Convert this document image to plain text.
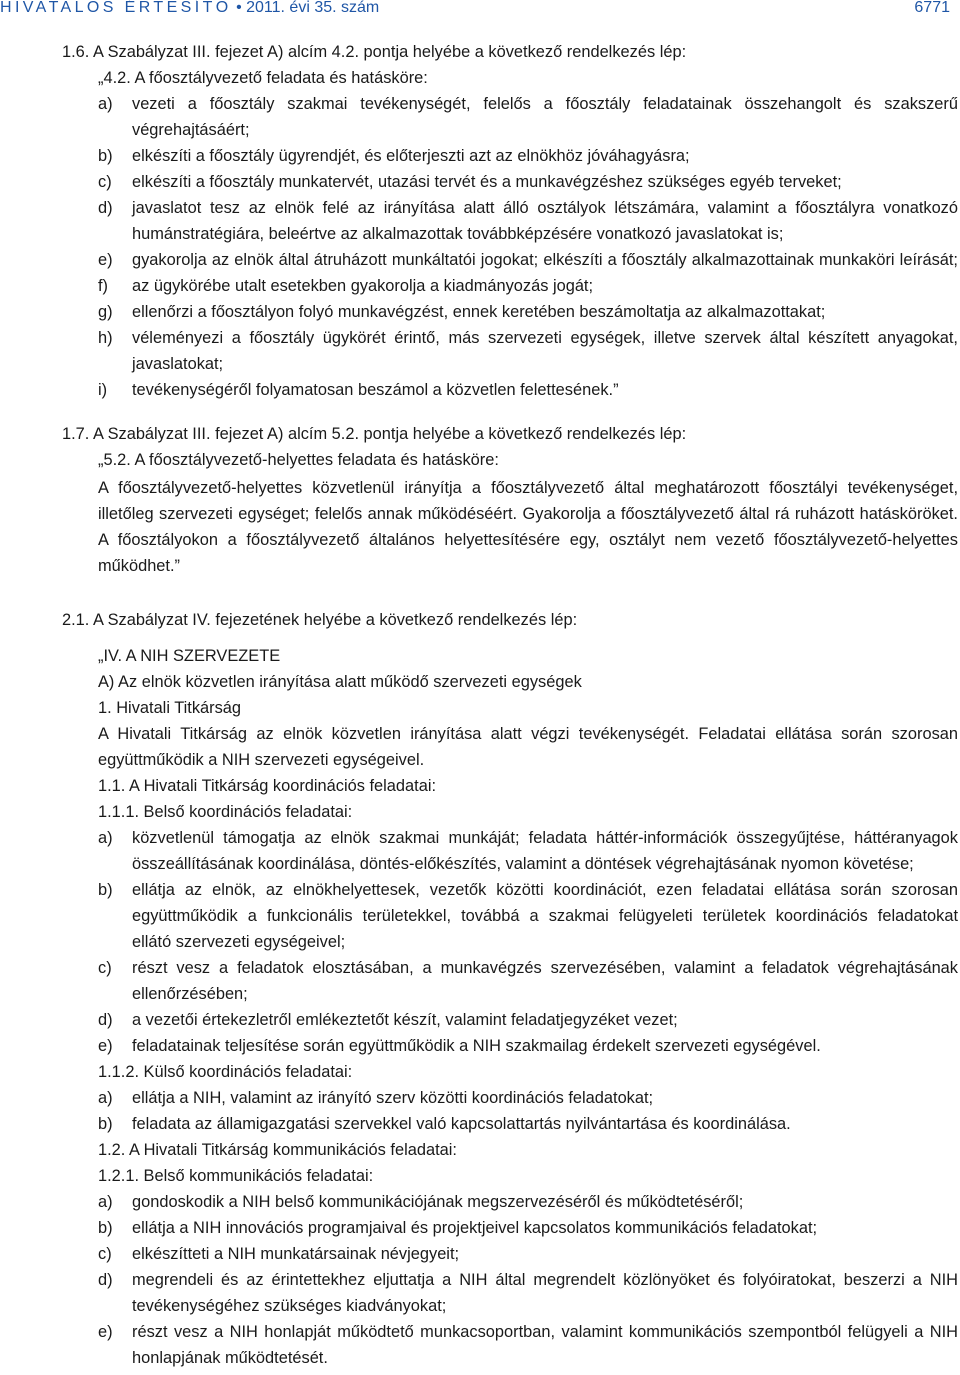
HIVATALOS ÉRTESÍTŐ • 2011. évi 35. szám	6771
1.6. A Szabályzat III. fejezet A) alcím 4.2. pontja helyébe a következő rendelkezés lép:
„4.2. A főosztályvezető feladata és hatásköre:
a) vezeti a főosztály szakmai tevékenységét, felelős a főosztály feladatainak összehangolt és szakszerű
végrehajtásáért;
b) elkészíti a főosztály ügyrendjét, és előterjeszti azt az elnökhöz jóváhagyásra;
c) elkészíti a főosztály munkatervét, utazási tervét és a munkavégzéshez szükséges egyéb terveket;
d) javaslatot tesz az elnök felé az irányítása alatt álló osztályok létszámára, valamint a főosztályra vonatkozó
humánstratégiára, beleértve az alkalmazottak továbbképzésére vonatkozó javaslatokat is;
e) gyakorolja az elnök által átruházott munkáltatói jogokat; elkészíti a főosztály alkalmazottainak munkaköri leírását;
f) az ügykörébe utalt esetekben gyakorolja a kiadmányozás jogát;
g) ellenőrzi a főosztályon folyó munkavégzést, ennek keretében beszámoltatja az alkalmazottakat;
h) véleményezi a főosztály ügykörét érintő, más szervezeti egységek, illetve szervek által készített anyagokat,
javaslatokat;
i) tevékenységéről folyamatosan beszámol a közvetlen felettesének.”
1.7. A Szabályzat III. fejezet A) alcím 5.2. pontja helyébe a következő rendelkezés lép:
„5.2. A főosztályvezető-helyettes feladata és hatásköre:
A főosztályvezető-helyettes közvetlenül irányítja a főosztályvezető által meghatározott főosztályi tevékenységet,
illetőleg szervezeti egységet; felelős annak működéséért. Gyakorolja a főosztályvezető által rá ruházott hatásköröket.
A főosztályokon a főosztályvezető általános helyettesítésére egy, osztályt nem vezető főosztályvezető-helyettes
működhet.”
2.1. A Szabályzat IV. fejezetének helyébe a következő rendelkezés lép:
„IV. A NIH SZERVEZETE
A) Az elnök közvetlen irányítása alatt működő szervezeti egységek
1. Hivatali Titkárság
A Hivatali Titkárság az elnök közvetlen irányítása alatt végzi tevékenységét. Feladatai ellátása során szorosan
együttműködik a NIH szervezeti egységeivel.
1.1. A Hivatali Titkárság koordinációs feladatai:
1.1.1. Belső koordinációs feladatai:
a) közvetlenül támogatja az elnök szakmai munkáját; feladata háttér-információk összegyűjtése, háttéranyagok
összeállításának koordinálása, döntés-előkészítés, valamint a döntések végrehajtásának nyomon követése;
b) ellátja az elnök, az elnökhelyettesek, vezetők közötti koordinációt, ezen feladatai ellátása során szorosan
együttműködik a funkcionális területekkel, továbbá a szakmai felügyeleti területek koordinációs feladatokat
ellátó szervezeti egységeivel;
c) részt vesz a feladatok elosztásában, a munkavégzés szervezésében, valamint a feladatok végrehajtásának
ellenőrzésében;
d) a vezetői értekezletről emlékeztetőt készít, valamint feladatjegyzéket vezet;
e) feladatainak teljesítése során együttműködik a NIH szakmailag érdekelt szervezeti egységével.
1.1.2. Külső koordinációs feladatai:
a) ellátja a NIH, valamint az irányító szerv közötti koordinációs feladatokat;
b) feladata az államigazgatási szervekkel való kapcsolattartás nyilvántartása és koordinálása.
1.2. A Hivatali Titkárság kommunikációs feladatai:
1.2.1. Belső kommunikációs feladatai:
a) gondoskodik a NIH belső kommunikációjának megszervezéséről és működtetéséről;
b) ellátja a NIH innovációs programjaival és projektjeivel kapcsolatos kommunikációs feladatokat;
c) elkészítteti a NIH munkatársainak névjegyeit;
d) megrendeli és az érintettekhez eljuttatja a NIH által megrendelt közlönyöket és folyóiratokat, beszerzi a NIH
tevékenységéhez szükséges kiadványokat;
e) részt vesz a NIH honlapját működtető munkacsoportban, valamint kommunikációs szempontból felügyeli a NIH
honlapjának működtetését.
